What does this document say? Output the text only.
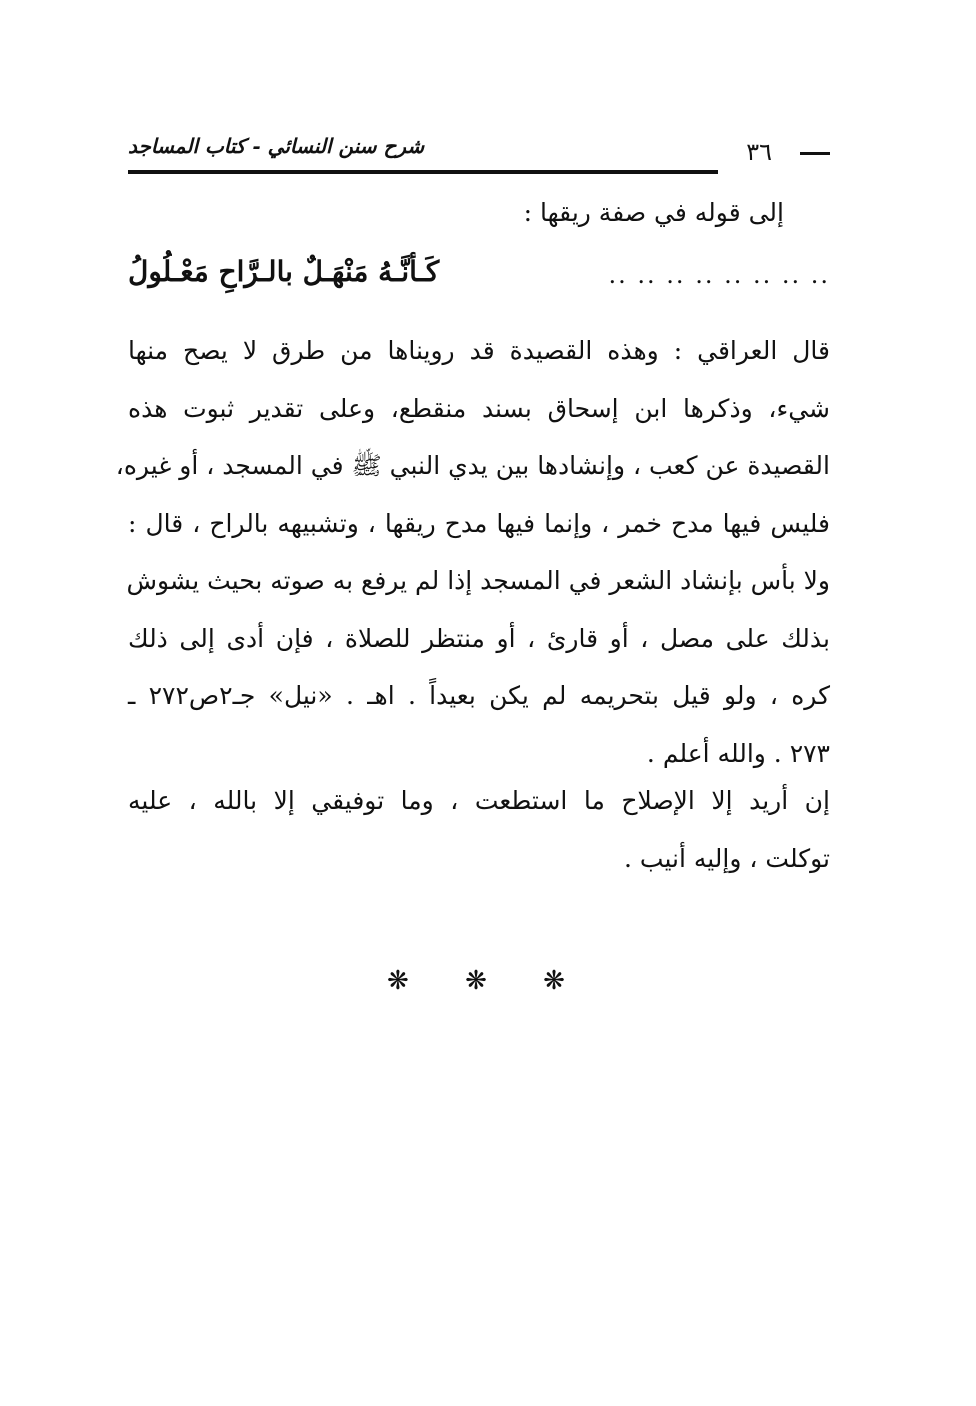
شرح سنن النسائي - كتاب المساجد	٣٦
إلى قوله في صفة ريقها :
.. .. .. .. .. .. .. ..
كَـأنَّـهُ مَنْهَـلٌ بالـرَّاحِ مَعْـلُولُ
قال العراقي : وهذه القصيدة قد رويناها من طرق لا يصح منها
شيء، وذكرها ابن إسحاق بسند منقطع، وعلى تقدير ثبوت هذه
القصيدة عن كعب ، وإنشادها بين يدي النبي ﷺ في المسجد ، أو غيره،
فليس فيها مدح خمر ، وإنما فيها مدح ريقها ، وتشبيهه بالراح ، قال :
ولا بأس بإنشاد الشعر في المسجد إذا لم يرفع به صوته بحيث يشوش
بذلك على مصل ، أو قارئ ، أو منتظر للصلاة ، فإن أدى إلى ذلك
كره ، ولو قيل بتحريمه لم يكن بعيداً . اهـ . «نيل» جـ٢ص٢٧٢ ـ
٢٧٣ . والله أعلم .
إن أريد إلا الإصلاح ما استطعت ، وما توفيقي إلا بالله ، عليه
توكلت ، وإليه أنيب .
❋ ❋ ❋
